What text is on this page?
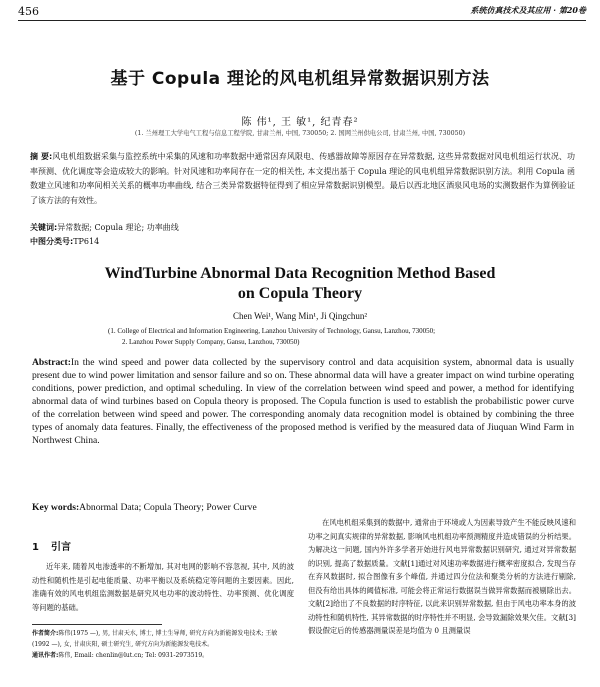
456	系统仿真技术及其应用 · 第20卷
基于 Copula 理论的风电机组异常数据识别方法
陈 伟¹, 王 敏¹, 纪青春²
(1. 兰州理工大学电气工程与信息工程学院, 甘肃兰州, 中国, 730050; 2. 国网兰州供电公司, 甘肃兰州, 中国, 730050)
摘 要:风电机组数据采集与监控系统中采集的风速和功率数据中通常因弃风限电、传感器故障等原因存在异常数据, 这些异常数据对风电机组运行状况、功率预测、优化调度等会造成较大的影响。针对风速和功率间存在一定的相关性, 本文提出基于 Copula 理论的风电机组异常数据识别方法。利用 Copula 函数建立风速和功率间相关关系的概率功率曲线, 结合三类异常数据特征得到了相应异常数据识别模型。最后以西北地区酒泉风电场的实测数据作为算例验证了该方法的有效性。
关键词:异常数据; Copula 理论; 功率曲线
中图分类号:TP614
WindTurbine Abnormal Data Recognition Method Based
on Copula Theory
Chen Wei¹, Wang Min¹, Ji Qingchun²
(1. College of Electrical and Information Engineering, Lanzhou University of Technology, Gansu, Lanzhou, 730050;
2. Lanzhou Power Supply Company, Gansu, Lanzhou, 730050)
Abstract:In the wind speed and power data collected by the supervisory control and data acquisition system, abnormal data is usually present due to wind power limitation and sensor failure and so on. These abnormal data will have a greater impact on wind turbine operating conditions, power prediction, and optimal scheduling. In view of the correlation between wind speed and power, a method for identifying abnormal data of wind turbines based on Copula theory is proposed. The Copula function is used to establish the probabilistic power curve of the correlation between wind speed and power. The corresponding anomaly data recognition model is obtained by combining the three types of anomaly data features. Finally, the effectiveness of the proposed method is verified by the measured data of Jiuquan Wind Farm in Northwest China.
Key words:Abnormal Data; Copula Theory; Power Curve
1 引言
近年来, 随着风电渗透率的不断增加, 其对电网的影响不容忽视, 其中, 风的波动性和随机性是引起电能质量、功率平衡以及系统稳定等问题的主要因素。因此, 准确有效的风电机组监测数据是研究风电功率的波动特性、功率预测、优化调度等问题的基础。
作者简介:陈伟(1975 —), 男, 甘肃天水, 博士, 博士生导师, 研究方向为新能源发电技术; 王敏(1992 —), 女, 甘肃庆阳, 硕士研究生, 研究方向为新能源发电技术。
通讯作者:陈伟, Email: chenlin@lut.cn; Tel: 0931-2973519。
在风电机组采集到的数据中, 通常由于环境或人为因素导致产生不能反映风速和功率之间真实规律的异常数据, 影响风电机组功率预测精度并造成错误的分析结果。为解决这一问题, 国内外许多学者开始进行风电异常数据识别研究, 通过对异常数据的识别, 提高了数据质量。文献[1]通过对风速功率数据进行概率密度拟合, 发现当存在弃风数据时, 拟合图像有多个峰值, 并通过四分位法和聚类分析的方法进行剔除, 但没有给出具体的阈值标准, 可能会将正常运行数据误当做异常数据而被剔除出去。文献[2]给出了不良数据的时序特征, 以此来识别异常数据, 但由于风电功率本身的波动特性和随机特性, 其异常数据的时序特性并不明显, 会导致漏除效果欠佳。文献[3]假设假定后的传感器测量误差是均值为 0 且测量误
